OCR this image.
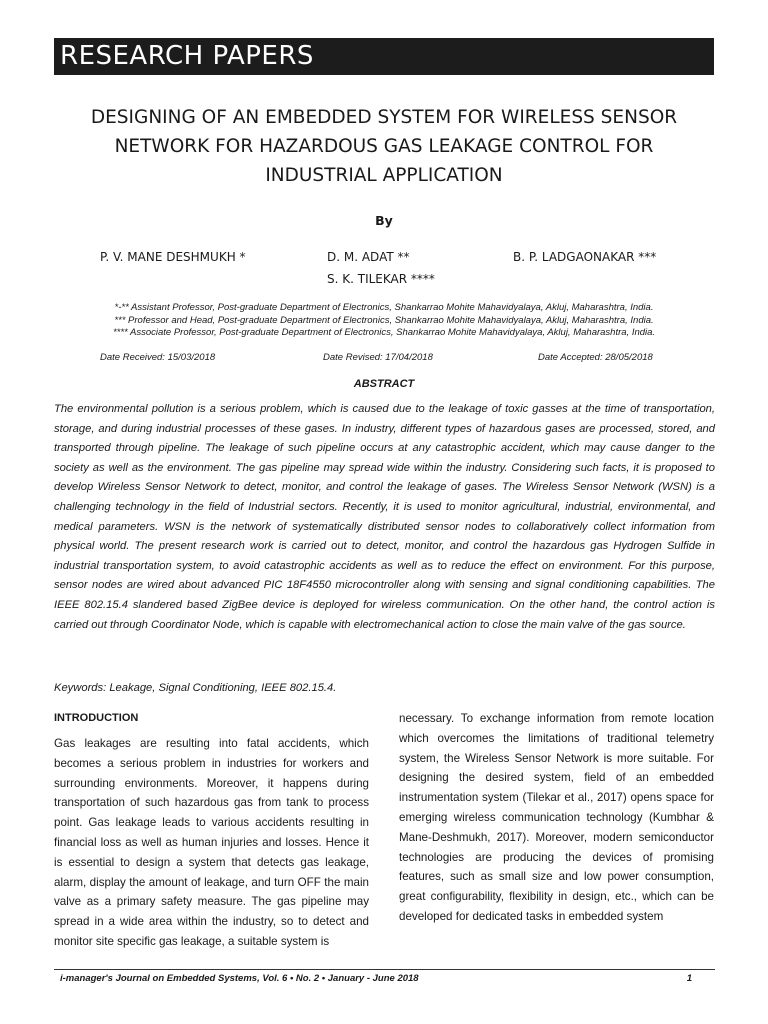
RESEARCH PAPERS
DESIGNING OF AN EMBEDDED SYSTEM FOR WIRELESS SENSOR NETWORK FOR HAZARDOUS GAS LEAKAGE CONTROL FOR INDUSTRIAL APPLICATION
By
P. V. MANE DESHMUKH *	D. M. ADAT **	B. P. LADGAONAKAR ***
S. K. TILEKAR ****
*-** Assistant Professor, Post-graduate Department of Electronics, Shankarrao Mohite Mahavidyalaya, Akluj, Maharashtra, India.
*** Professor and Head, Post-graduate Department of Electronics, Shankarrao Mohite Mahavidyalaya, Akluj, Maharashtra, India.
**** Associate Professor, Post-graduate Department of Electronics, Shankarrao Mohite Mahavidyalaya, Akluj, Maharashtra, India.
Date Received: 15/03/2018	Date Revised: 17/04/2018	Date Accepted: 28/05/2018
ABSTRACT

The environmental pollution is a serious problem, which is caused due to the leakage of toxic gasses at the time of transportation, storage, and during industrial processes of these gases. In industry, different types of hazardous gases are processed, stored, and transported through pipeline. The leakage of such pipeline occurs at any catastrophic accident, which may cause danger to the society as well as the environment. The gas pipeline may spread wide within the industry. Considering such facts, it is proposed to develop Wireless Sensor Network to detect, monitor, and control the leakage of gases. The Wireless Sensor Network (WSN) is a challenging technology in the field of Industrial sectors. Recently, it is used to monitor agricultural, industrial, environmental, and medical parameters. WSN is the network of systematically distributed sensor nodes to collaboratively collect information from physical world. The present research work is carried out to detect, monitor, and control the hazardous gas Hydrogen Sulfide in industrial transportation system, to avoid catastrophic accidents as well as to reduce the effect on environment. For this purpose, sensor nodes are wired about advanced PIC 18F4550 microcontroller along with sensing and signal conditioning capabilities. The IEEE 802.15.4 slandered based ZigBee device is deployed for wireless communication. On the other hand, the control action is carried out through Coordinator Node, which is capable with electromechanical action to close the main valve of the gas source.

Keywords: Leakage, Signal Conditioning, IEEE 802.15.4.
INTRODUCTION

Gas leakages are resulting into fatal accidents, which becomes a serious problem in industries for workers and surrounding environments. Moreover, it happens during transportation of such hazardous gas from tank to process point. Gas leakage leads to various accidents resulting in financial loss as well as human injuries and losses. Hence it is essential to design a system that detects gas leakage, alarm, display the amount of leakage, and turn OFF the main valve as a primary safety measure. The gas pipeline may spread in a wide area within the industry, so to detect and monitor site specific gas leakage, a suitable system is

necessary. To exchange information from remote location which overcomes the limitations of traditional telemetry system, the Wireless Sensor Network is more suitable. For designing the desired system, field of an embedded instrumentation system (Tilekar et al., 2017) opens space for emerging wireless communication technology (Kumbhar & Mane-Deshmukh, 2017). Moreover, modern semiconductor technologies are producing the devices of promising features, such as small size and low power consumption, great configurability, flexibility in design, etc., which can be developed for dedicated tasks in embedded system

i-manager's Journal on Embedded Systems, Vol. 6 • No. 2 • January - June 2018	1
